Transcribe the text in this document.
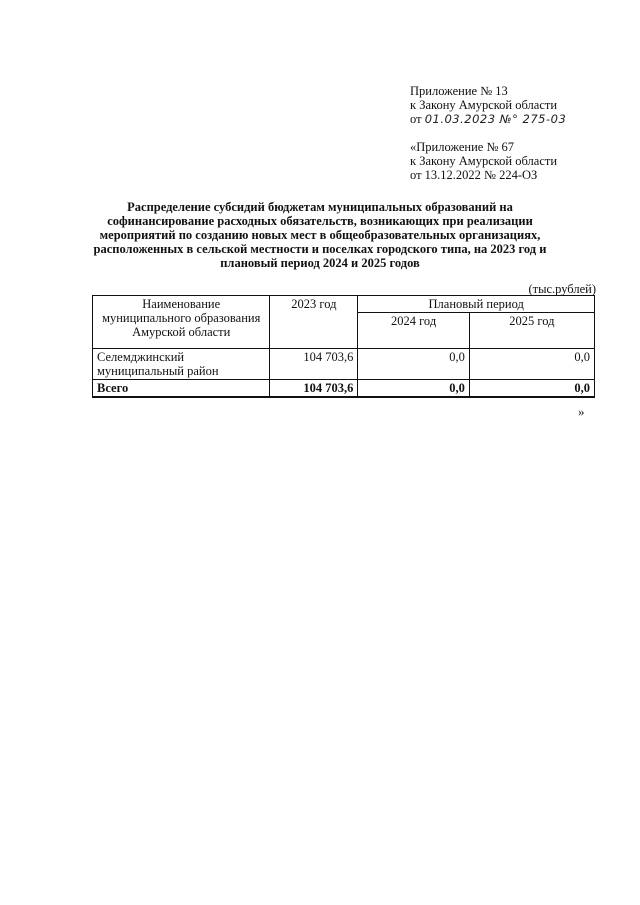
Приложение № 13
к Закону Амурской области
от 01.03.2023 №° 275-03
«Приложение № 67
к Закону Амурской области
от 13.12.2022 № 224-ОЗ
Распределение субсидий бюджетам муниципальных образований на
софинансирование расходных обязательств, возникающих при реализации
мероприятий по созданию новых мест в общеобразовательных организациях,
расположенных в сельской местности и поселках городского типа, на 2023 год и
плановый период 2024 и 2025 годов
(тыс.рублей)
Наименование
муниципального образования
Амурской области	2023 год	Плановый период	
		2024 год	2025 год

Селемджинский
муниципальный район	104 703,6	0,0	0,0
Всего	104 703,6	0,0	0,0
»
